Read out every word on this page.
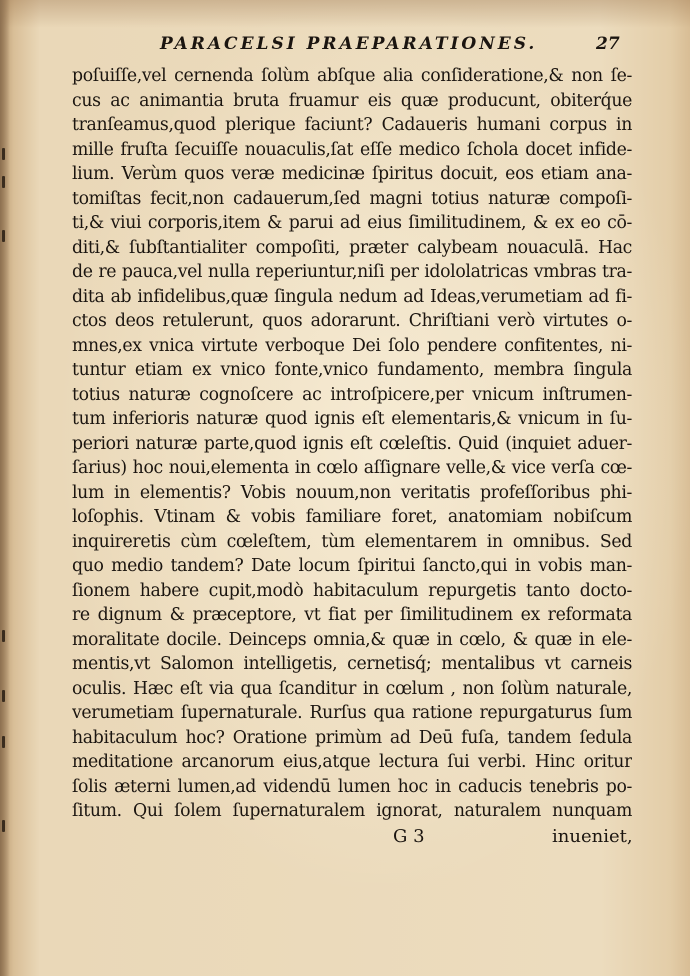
PARACELSI PRAEPARATIONES.	27
poſuiſſe,vel cernenda ſolùm abſque alia conſideratione,& non ſe-
cus ac animantia bruta fruamur eis quæ producunt, obiterq́ue
tranſeamus,quod plerique faciunt? Cadaueris humani corpus in
mille fruſta ſecuiſſe nouaculis,ſat eſſe medico ſchola docet infide-
lium. Verùm quos veræ medicinæ ſpiritus docuit, eos etiam ana-
tomiſtas fecit,non cadauerum,ſed magni totius naturæ compoſi-
ti,& viui corporis,item & parui ad eius ſimilitudinem, & ex eo cō-
diti,& ſubſtantialiter compoſiti, præter calybeam nouaculā. Hac
de re pauca,vel nulla reperiuntur,niſi per idololatricas vmbras tra-
dita ab infidelibus,quæ ſingula nedum ad Ideas,verumetiam ad fi-
ctos deos retulerunt, quos adorarunt. Chriſtiani verò virtutes o-
mnes,ex vnica virtute verboque Dei ſolo pendere confitentes, ni-
tuntur etiam ex vnico fonte,vnico fundamento, membra ſingula
totius naturæ cognoſcere ac introſpicere,per vnicum inſtrumen-
tum inferioris naturæ quod ignis eſt elementaris,& vnicum in ſu-
periori naturæ parte,quod ignis eſt cœleſtis. Quid (inquiet aduer-
ſarius) hoc noui,elementa in cœlo aſſignare velle,& vice verſa cœ-
lum in elementis? Vobis nouum,non veritatis profeſſoribus phi-
loſophis. Vtinam & vobis familiare foret, anatomiam nobiſcum
inquireretis cùm cœleſtem, tùm elementarem in omnibus. Sed
quo medio tandem? Date locum ſpiritui ſancto,qui in vobis man-
ſionem habere cupit,modò habitaculum repurgetis tanto docto-
re dignum & præceptore, vt fiat per ſimilitudinem ex reformata
moralitate docile. Deinceps omnia,& quæ in cœlo, & quæ in ele-
mentis,vt Salomon intelligetis, cernetisq́; mentalibus vt carneis
oculis. Hæc eſt via qua ſcanditur in cœlum , non ſolùm naturale,
verumetiam ſupernaturale. Rurſus qua ratione repurgaturus ſum
habitaculum hoc? Oratione primùm ad Deū fuſa, tandem ſedula
meditatione arcanorum eius,atque lectura ſui verbi. Hinc oritur
ſolis æterni lumen,ad videndū lumen hoc in caducis tenebris po-
ſitum. Qui ſolem ſupernaturalem ignorat, naturalem nunquam
G 3	inueniet,
